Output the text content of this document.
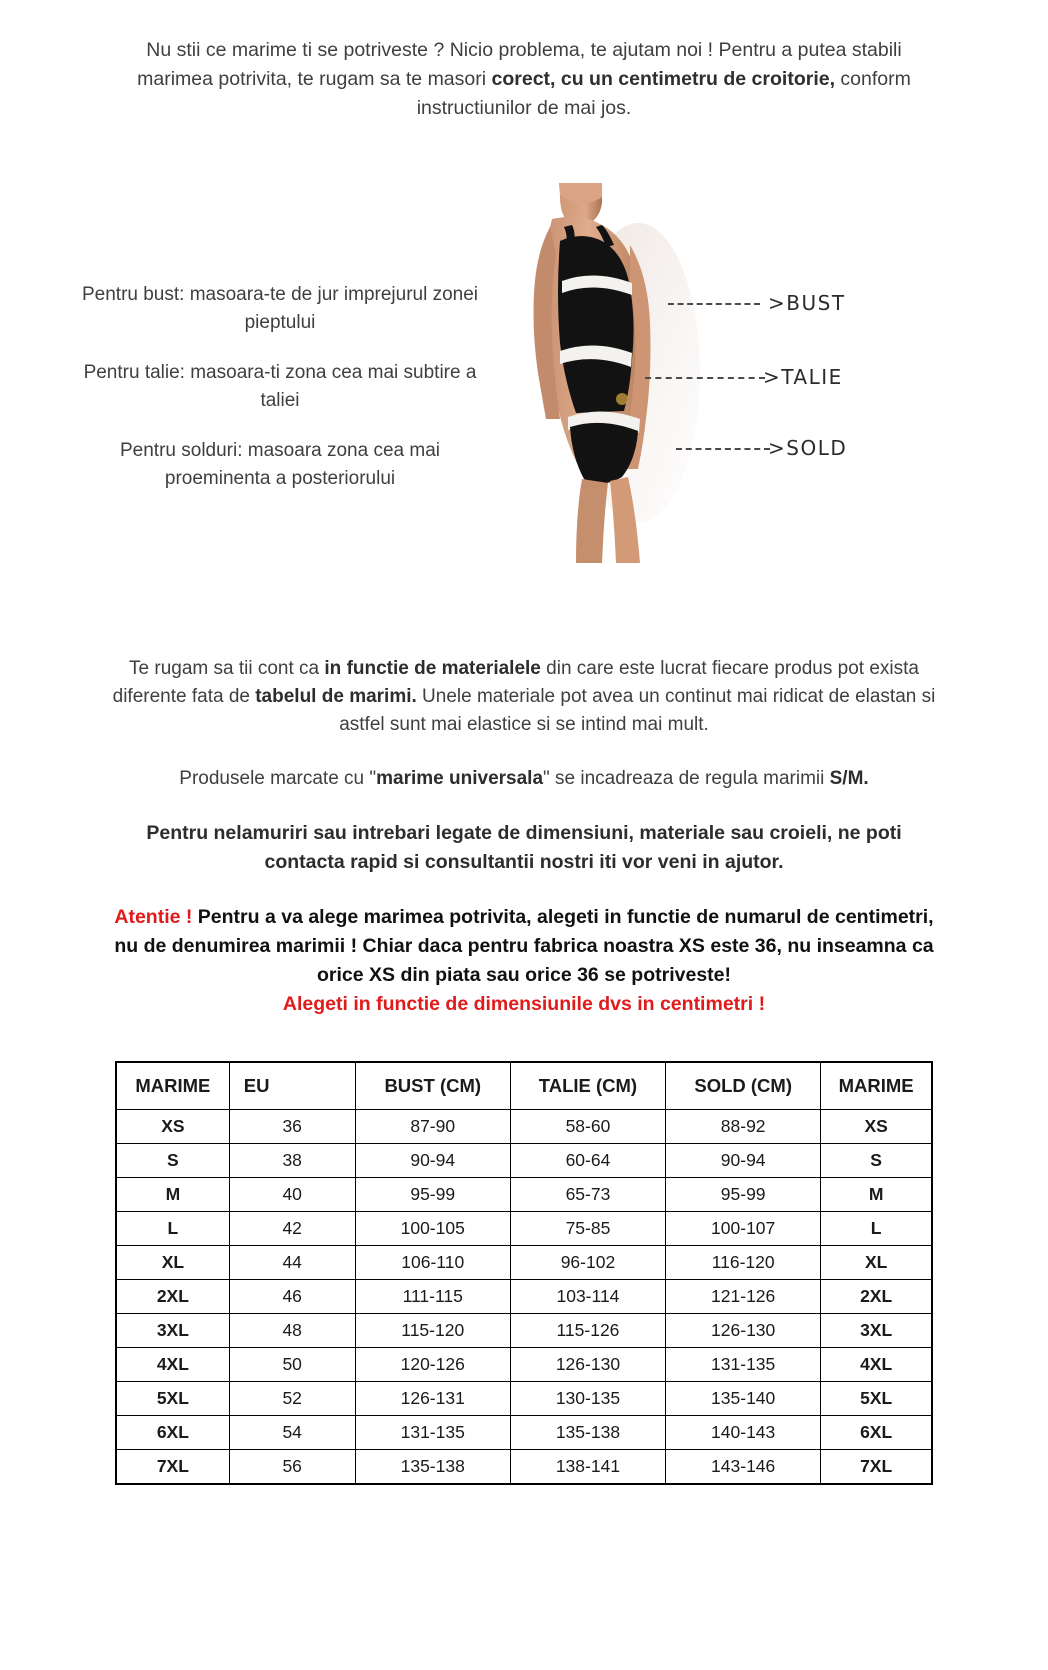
Nu stii ce marime ti se potriveste ? Nicio problema, te ajutam noi ! Pentru a putea stabili marimea potrivita, te rugam sa te masori corect, cu un centimetru de croitorie, conform instructiunilor de mai jos.

Pentru bust: masoara-te de jur imprejurul zonei pieptului

Pentru talie: masoara-ti zona cea mai subtire a taliei

Pentru solduri: masoara zona cea mai proeminenta a posteriorului

>BUST
>TALIE
>SOLD

Te rugam sa tii cont ca in functie de materialele din care este lucrat fiecare produs pot exista diferente fata de tabelul de marimi. Unele materiale pot avea un continut mai ridicat de elastan si astfel sunt mai elastice si se intind mai mult.

Produsele marcate cu "marime universala" se incadreaza de regula marimii S/M.

Pentru nelamuriri sau intrebari legate de dimensiuni, materiale sau croieli, ne poti contacta rapid si consultantii nostri iti vor veni in ajutor.

Atentie ! Pentru a va alege marimea potrivita, alegeti in functie de numarul de centimetri, nu de denumirea marimii ! Chiar daca pentru fabrica noastra XS este 36, nu inseamna ca orice XS din piata sau orice 36 se potriveste!
Alegeti in functie de dimensiunile dvs in centimetri !

MARIME	EU	BUST (CM)	TALIE (CM)	SOLD (CM)	MARIME
XS	36	87-90	58-60	88-92	XS
S	38	90-94	60-64	90-94	S
M	40	95-99	65-73	95-99	M
L	42	100-105	75-85	100-107	L
XL	44	106-110	96-102	116-120	XL
2XL	46	111-115	103-114	121-126	2XL
3XL	48	115-120	115-126	126-130	3XL
4XL	50	120-126	126-130	131-135	4XL
5XL	52	126-131	130-135	135-140	5XL
6XL	54	131-135	135-138	140-143	6XL
7XL	56	135-138	138-141	143-146	7XL
